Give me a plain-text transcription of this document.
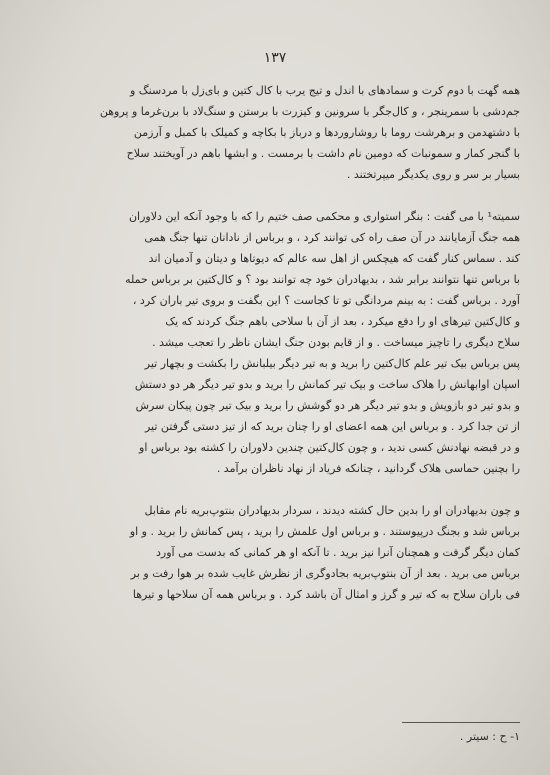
۱۳۷

همه گهت با دوم کرت و سمادهای با اندل و تیج یرب با کال کتین و بای‌زل با مردسنگ و
جم‌دشی با سمرینجر ، و کال‌جگر با سرونین و کیزرت با برستن و سنگ‌لاد با برن‌غرما و پروهن
با دشتهدمن و برهرشت روما با روشاروردها و درباز با بکاچه و کمیلک با کمبل و آرزمن
با گنجر کمار و سمونبات که دومین نام داشت با برمست . و ابشها باهم در آویختند سلاح
بسیار بر سر و روی یکدیگر میپرتختند .

سمیته¹ با می گفت : بنگر استواری و محکمی صف ختیم را که با وجود آنکه این دلاوران
همه جنگ آزمایانند در آن صف راه کی توانند کرد ، و برباس از نادانان تنها جنگ همی
کند . سماس کنار گفت که هیچکس از اهل سه عالم که دیوتاها و دیتان و آدمیان اند
با برباس تنها نتوانند برابر شد ، بدیهادران خود چه توانند بود ؟ و کال‌کتین بر برباس حمله
آورد . برباس گفت : به بینم مردانگی تو تا کجاست ؟ این بگفت و بروی تیر باران کرد ،
و کال‌کتین تیرهای او را دفع میکرد ، بعد از آن با سلاحی باهم جنگ کردند که یک
سلاح دیگری را تاچیز میساخت . و از قایم بودن جنگ ایشان ناظر را تعجب میشد .
پس برباس بیک تیر علم کال‌کتین را برید و به تیر دیگر بیلبانش را بکشت و بچهار تیر
اسپان اوابهانش را هلاک ساخت و بیک تیر کمانش را برید و بدو تیر دیگر هر دو دستش
و بدو تیر دو بازویش و بدو تیر دیگر هر دو گوشش را برید و بیک تیر چون پیکان سرش
از تن جدا کرد . و برباس این همه اعضای او را چنان برید که از تیز دستی گرفتن تیر
و در قبضه نهادنش کسی ندید ، و چون کال‌کتین چندین دلاوران را کشته بود برباس او
را بچنین حماسی هلاک گردانید ، چنانکه فریاد از نهاد ناظران برآمد .

و چون بدیهادران او را بدین حال کشته دیدند ، سردار بدیهادران بنتوپ‌بریه نام مقابل
برباس شد و بجنگ درپیوستند . و برباس اول علمش را برید ، پس کمانش را برید . و او
کمان دیگر گرفت و همچنان آنرا نیز برید . تا آنکه او هر کمانی که بدست می آورد
برباس می برید . بعد از آن بنتوپ‌بریه بجادوگری از نظرش غایب شده بر هوا رفت و بر
فی باران سلاح به که تیر و گرز و امثال آن باشد کرد . و برباس همه آن سلاحها و تیرها

۱- ح : سیتر .
